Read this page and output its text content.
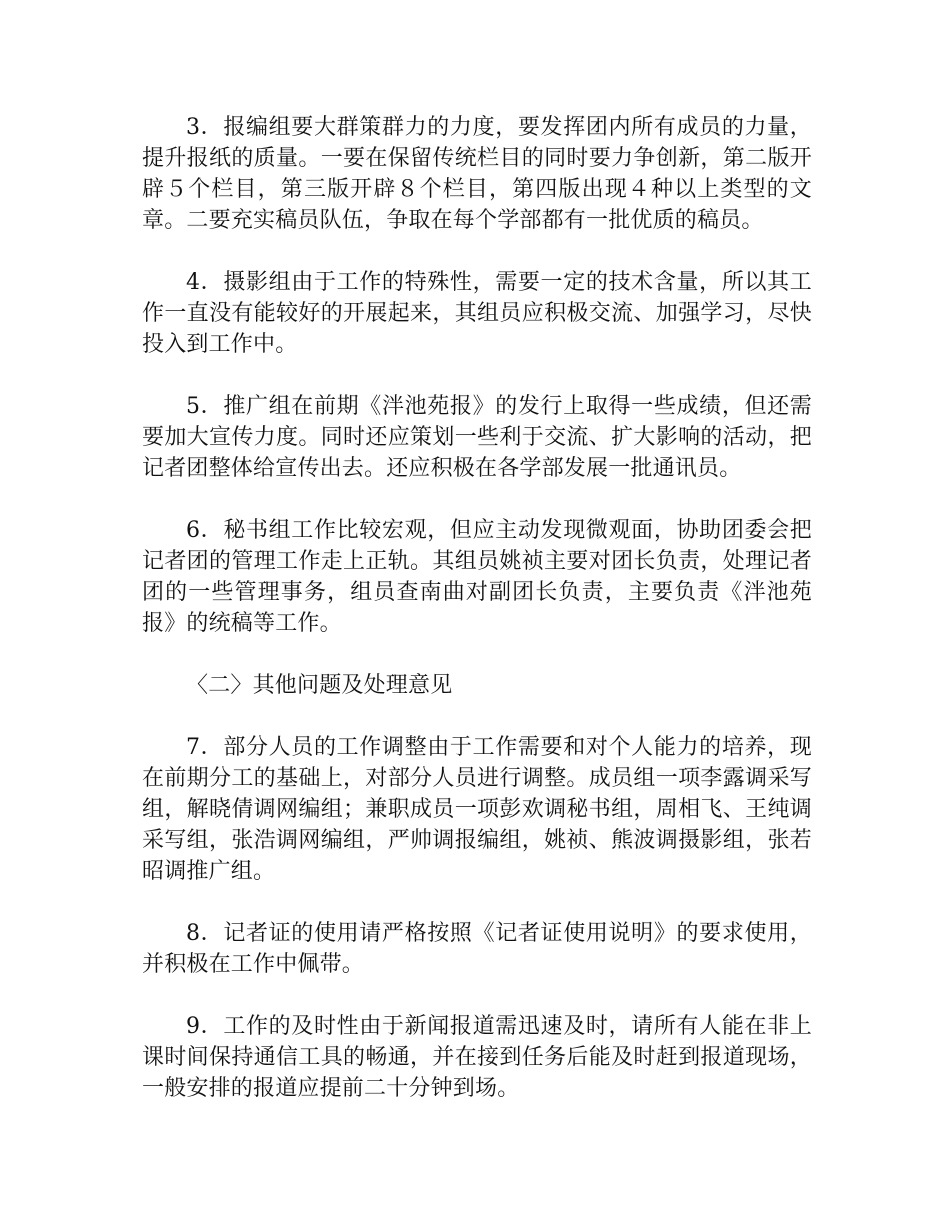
3．报编组要大群策群力的力度，要发挥团内所有成员的力量，提升报纸的质量。一要在保留传统栏目的同时要力争创新，第二版开辟５个栏目，第三版开辟８个栏目，第四版出现４种以上类型的文章。二要充实稿员队伍，争取在每个学部都有一批优质的稿员。

4．摄影组由于工作的特殊性，需要一定的技术含量，所以其工作一直没有能较好的开展起来，其组员应积极交流、加强学习，尽快投入到工作中。

5．推广组在前期《泮池苑报》的发行上取得一些成绩，但还需要加大宣传力度。同时还应策划一些利于交流、扩大影响的活动，把记者团整体给宣传出去。还应积极在各学部发展一批通讯员。

6．秘书组工作比较宏观，但应主动发现微观面，协助团委会把记者团的管理工作走上正轨。其组员姚祯主要对团长负责，处理记者团的一些管理事务，组员查南曲对副团长负责，主要负责《泮池苑报》的统稿等工作。

〈二〉其他问题及处理意见

7．部分人员的工作调整由于工作需要和对个人能力的培养，现在前期分工的基础上，对部分人员进行调整。成员组一项李露调采写组，解晓倩调网编组；兼职成员一项彭欢调秘书组，周相飞、王纯调采写组，张浩调网编组，严帅调报编组，姚祯、熊波调摄影组，张若昭调推广组。

8．记者证的使用请严格按照《记者证使用说明》的要求使用，并积极在工作中佩带。

9．工作的及时性由于新闻报道需迅速及时，请所有人能在非上课时间保持通信工具的畅通，并在接到任务后能及时赶到报道现场，一般安排的报道应提前二十分钟到场。
